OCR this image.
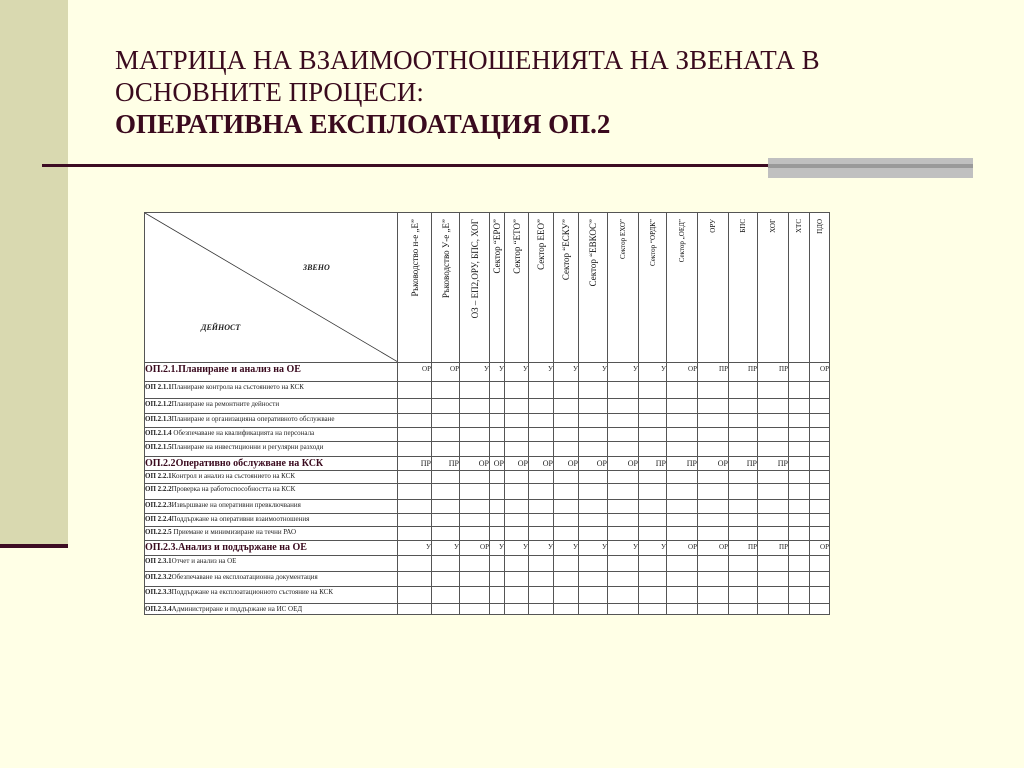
МАТРИЦА НА ВЗАИМООТНОШЕНИЯТА НА ЗВЕНАТА В
ОСНОВНИТЕ ПРОЦЕСИ:
ОПЕРАТИВНА ЕКСПЛОАТАЦИЯ ОП.2
ЗВЕНО
ДЕЙНОСТ	Ръководство н-е „Е”	Ръководство У-е „Е”	ОЗ – ЕП2,ОРУ, БПС, ХОГ	Сектор “ЕРО”	Сектор “ЕТО”	Сектор ЕЕО”	Сектор “ЕСКУ”	Сектор “ЕВКОС”	Сектор ЕХО”	Сектор “ОРДК”	Сектор „ОЕД”	ОРУ	БПС	ХОГ	ХТС	ПДО

ОП.2.1.Планиране и анализ на ОЕ	ОР	ОР	У	У	У	У	У	У	У	У	ОР	ПР	ПР	ПР		ОР
ОП 2.1.1Планиране контрола на състоянието на КСК																
ОП.2.1.2Планиране на ремонтните дейности																
ОП.2.1.3Планиране и организацияна оперативното обслужване																
ОП.2.1.4 Обезпечаване на квалификацията на персонала																
ОП.2.1.5Планиране на инвестиционни и регулярни разходи																
ОП.2.2Оперативно обслужване на КСК	ПР	ПР	ОР	ОР	ОР	ОР	ОР	ОР	ОР	ПР	ПР	ОР	ПР	ПР		
ОП 2.2.1Контрол и анализ на състоянието на КСК																
ОП 2.2.2Проверка на работоспособността на КСК																
ОП.2.2.3Извършване на оперативни превключвания																
ОП 2.2.4Поддържане на оперативни взаимоотношения																
ОП.2.2.5 Приемане и минимизиране на течни РАО																
ОП.2.3.Анализ и поддържане на ОЕ	У	У	ОР	У	У	У	У	У	У	У	ОР	ОР	ПР	ПР		ОР
ОП 2.3.1Отчет и анализ на ОЕ																
ОП.2.3.2Обезпечаване на експлоатационна документация																
ОП.2.3.3Поддържане на експлоатационното състояние на КСК																
ОП.2.3.4Администриране и поддържане на ИС ОЕД																
